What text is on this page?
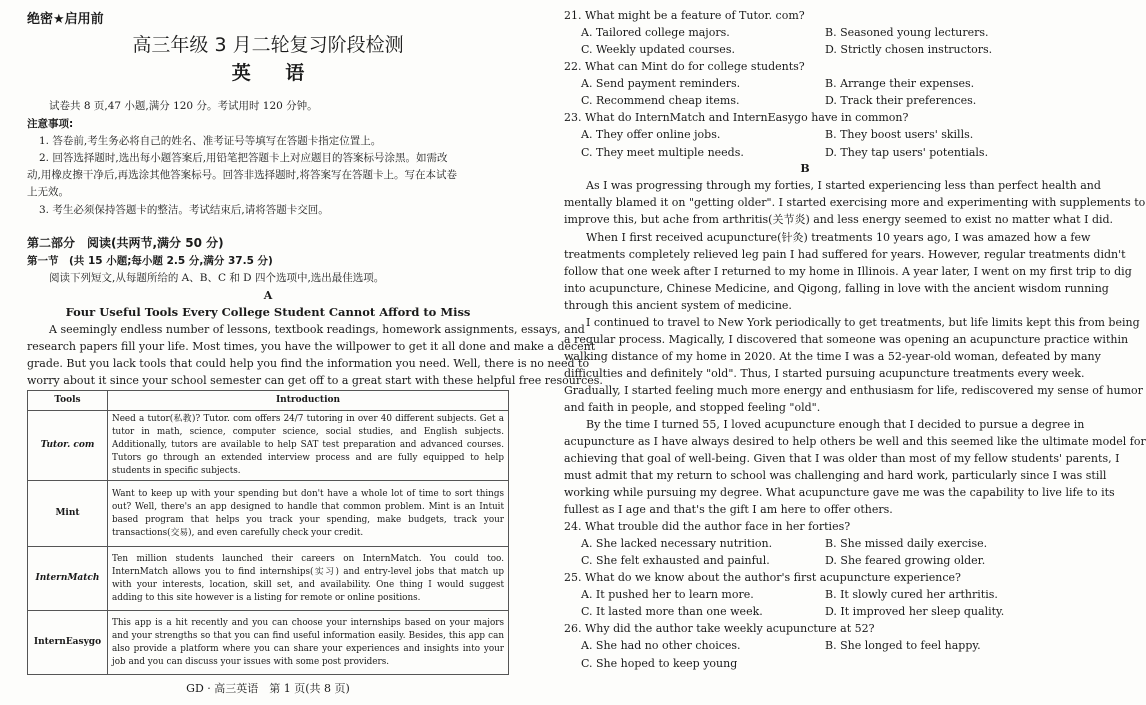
绝密★启用前
高三年级 3 月二轮复习阶段检测
英 语
试卷共 8 页,47 小题,满分 120 分。考试用时 120 分钟。
注意事项:
1. 答卷前,考生务必将自己的姓名、准考证号等填写在答题卡指定位置上。
2. 回答选择题时,选出每小题答案后,用铅笔把答题卡上对应题目的答案标号涂黑。如需改
动,用橡皮擦干净后,再选涂其他答案标号。回答非选择题时,将答案写在答题卡上。写在本试卷
上无效。
3. 考生必须保持答题卡的整洁。考试结束后,请将答题卡交回。
第二部分　阅读(共两节,满分 50 分)
第一节　(共 15 小题;每小题 2.5 分,满分 37.5 分)
阅读下列短文,从每题所给的 A、B、C 和 D 四个选项中,选出最佳选项。
A
Four Useful Tools Every College Student Cannot Afford to Miss
A seemingly endless number of lessons, textbook readings, homework assignments, essays, and
research papers fill your life. Most times, you have the willpower to get it all done and make a decent
grade. But you lack tools that could help you find the information you need. Well, there is no need to
worry about it since your school semester can get off to a great start with these helpful free resources.
Tools	Introduction
Tutor. com	Need a tutor(私教)? Tutor. com offers 24/7 tutoring in over 40 different subjects. Get a tutor in math, science, computer science, social studies, and English subjects. Additionally, tutors are available to help SAT test preparation and advanced courses. Tutors go through an extended interview process and are fully equipped to help students in specific subjects.
Mint	Want to keep up with your spending but don't have a whole lot of time to sort things out? Well, there's an app designed to handle that common problem. Mint is an Intuit based program that helps you track your spending, make budgets, track your transactions(交易), and even carefully check your credit.
InternMatch	Ten million students launched their careers on InternMatch. You could too. InternMatch allows you to find internships(实习) and entry-level jobs that match up with your interests, location, skill set, and availability. One thing I would suggest adding to this site however is a listing for remote or online positions.
InternEasygo	This app is a hit recently and you can choose your internships based on your majors and your strengths so that you can find useful information easily. Besides, this app can also provide a platform where you can share your experiences and insights into your job and you can discuss your issues with some post providers.
GD · 高三英语　第 1 页(共 8 页)
21. What might be a feature of Tutor. com?
A. Tailored college majors.	B. Seasoned young lecturers.
C. Weekly updated courses.	D. Strictly chosen instructors.
22. What can Mint do for college students?
A. Send payment reminders.	B. Arrange their expenses.
C. Recommend cheap items.	D. Track their preferences.
23. What do InternMatch and InternEasygo have in common?
A. They offer online jobs.	B. They boost users' skills.
C. They meet multiple needs.	D. They tap users' potentials.
B
As I was progressing through my forties, I started experiencing less than perfect health and
mentally blamed it on "getting older". I started exercising more and experimenting with supplements to
improve this, but ache from arthritis(关节炎) and less energy seemed to exist no matter what I did.
When I first received acupuncture(针灸) treatments 10 years ago, I was amazed how a few
treatments completely relieved leg pain I had suffered for years. However, regular treatments didn't
follow that one week after I returned to my home in Illinois. A year later, I went on my first trip to dig
into acupuncture, Chinese Medicine, and Qigong, falling in love with the ancient wisdom running
through this ancient system of medicine.
I continued to travel to New York periodically to get treatments, but life limits kept this from being
a regular process. Magically, I discovered that someone was opening an acupuncture practice within
walking distance of my home in 2020. At the time I was a 52-year-old woman, defeated by many
difficulties and definitely "old". Thus, I started pursuing acupuncture treatments every week.
Gradually, I started feeling much more energy and enthusiasm for life, rediscovered my sense of humor
and faith in people, and stopped feeling "old".
By the time I turned 55, I loved acupuncture enough that I decided to pursue a degree in
acupuncture as I have always desired to help others be well and this seemed like the ultimate model for
achieving that goal of well-being. Given that I was older than most of my fellow students' parents, I
must admit that my return to school was challenging and hard work, particularly since I was still
working while pursuing my degree. What acupuncture gave me was the capability to live life to its
fullest as I age and that's the gift I am here to offer others.
24. What trouble did the author face in her forties?
A. She lacked necessary nutrition.	B. She missed daily exercise.
C. She felt exhausted and painful.	D. She feared growing older.
25. What do we know about the author's first acupuncture experience?
A. It pushed her to learn more.	B. It slowly cured her arthritis.
C. It lasted more than one week.	D. It improved her sleep quality.
26. Why did the author take weekly acupuncture at 52?
A. She had no other choices.	B. She longed to feel happy.
C. She hoped to keep young
